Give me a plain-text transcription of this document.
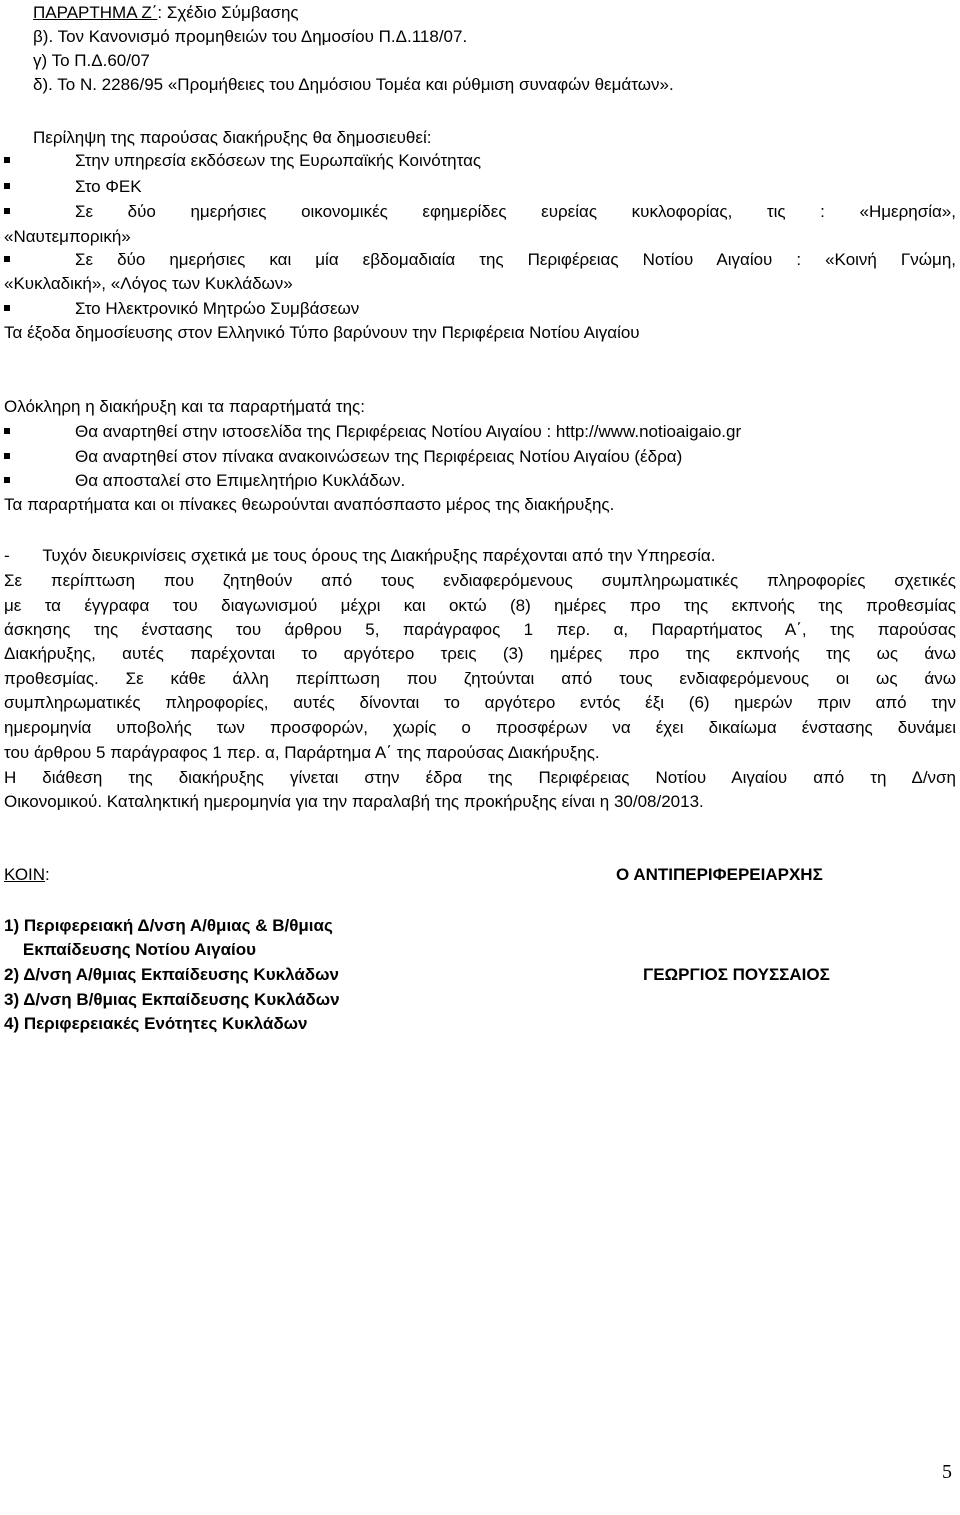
ΠΑΡΑΡΤΗΜΑ Ζ΄: Σχέδιο Σύμβασης
β). Τον Κανονισμό προμηθειών του Δημοσίου Π.Δ.118/07.
γ) Το Π.Δ.60/07
δ). Το Ν. 2286/95 «Προμήθειες του Δημόσιου Τομέα και ρύθμιση συναφών θεμάτων».
Περίληψη της παρούσας διακήρυξης θα δημοσιευθεί:
Στην υπηρεσία εκδόσεων της Ευρωπαϊκής Κοινότητας
Στο ΦΕΚ
Σε δύο ημερήσιες οικονομικές εφημερίδες ευρείας κυκλοφορίας, τις : «Ημερησία»,
«Ναυτεμπορική»
Σε δύο ημερήσιες και μία εβδομαδιαία της Περιφέρειας Νοτίου Αιγαίου : «Κοινή Γνώμη,
«Κυκλαδική», «Λόγος των Κυκλάδων»
Στο Ηλεκτρονικό Μητρώο Συμβάσεων
Τα έξοδα δημοσίευσης στον Ελληνικό Τύπο βαρύνουν την Περιφέρεια Νοτίου Αιγαίου
Ολόκληρη η διακήρυξη και τα παραρτήματά της:
Θα αναρτηθεί στην ιστοσελίδα της Περιφέρειας Νοτίου Αιγαίου : http://www.notioaigaio.gr
Θα αναρτηθεί στον πίνακα ανακοινώσεων της Περιφέρειας Νοτίου Αιγαίου (έδρα)
Θα αποσταλεί στο Επιμελητήριο Κυκλάδων.
Τα παραρτήματα και οι πίνακες θεωρούνται αναπόσπαστο μέρος της διακήρυξης.
-       Τυχόν διευκρινίσεις σχετικά με τους όρους της Διακήρυξης παρέχονται από την Υπηρεσία.
Σε περίπτωση που ζητηθούν από τους ενδιαφερόμενους συμπληρωματικές πληροφορίες σχετικές
με τα έγγραφα του διαγωνισμού μέχρι και οκτώ (8) ημέρες προ της εκπνοής της προθεσμίας
άσκησης της ένστασης του άρθρου 5, παράγραφος 1 περ. α, Παραρτήματος Α΄, της παρούσας
Διακήρυξης, αυτές παρέχονται το αργότερο τρεις (3) ημέρες προ της εκπνοής της ως άνω
προθεσμίας. Σε κάθε άλλη περίπτωση που ζητούνται από τους ενδιαφερόμενους οι ως άνω
συμπληρωματικές πληροφορίες, αυτές δίνονται το αργότερο εντός έξι (6) ημερών πριν από την
ημερομηνία υποβολής των προσφορών, χωρίς ο προσφέρων να έχει δικαίωμα ένστασης δυνάμει
του άρθρου 5 παράγραφος 1 περ. α, Παράρτημα Α΄ της παρούσας Διακήρυξης.
Η διάθεση της διακήρυξης γίνεται στην έδρα της Περιφέρειας Νοτίου Αιγαίου από τη Δ/νση
Οικονομικού. Καταληκτική ημερομηνία για την παραλαβή της προκήρυξης είναι η 30/08/2013.
ΚΟΙΝ:	Ο ΑΝΤΙΠΕΡΙΦΕΡΕΙΑΡΧΗΣ
1) Περιφερειακή Δ/νση Α/θμιας & Β/θμιας
Εκπαίδευσης Νοτίου Αιγαίου
2) Δ/νση Α/θμιας Εκπαίδευσης Κυκλάδων	ΓΕΩΡΓΙΟΣ ΠΟΥΣΣΑΙΟΣ
3) Δ/νση Β/θμιας Εκπαίδευσης Κυκλάδων
4) Περιφερειακές Ενότητες Κυκλάδων
5
